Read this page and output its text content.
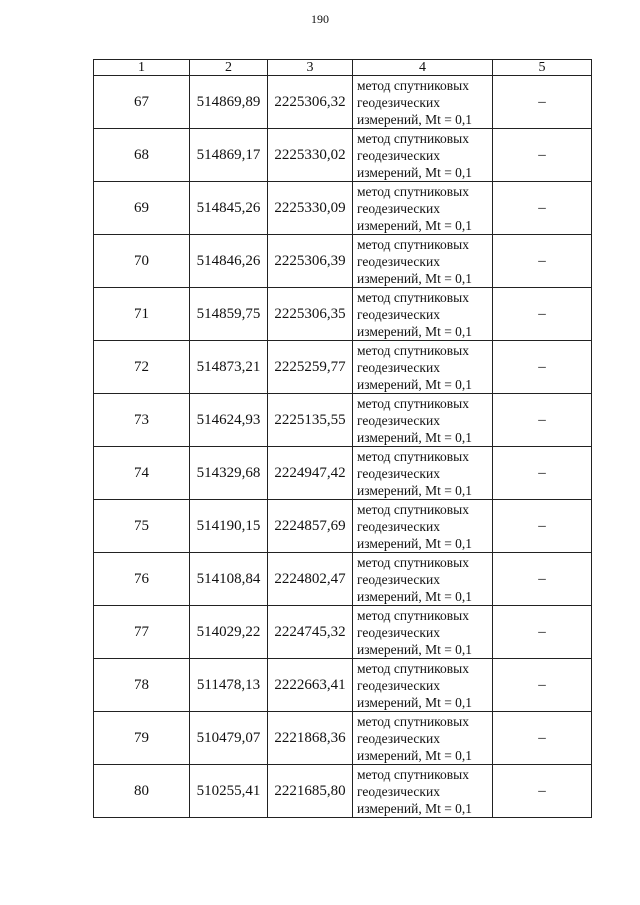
190
1	2	3	4	5
67	514869,89	2225306,32	метод спутниковых
геодезических
измерений, Mt = 0,1	–
68	514869,17	2225330,02	метод спутниковых
геодезических
измерений, Mt = 0,1	–
69	514845,26	2225330,09	метод спутниковых
геодезических
измерений, Mt = 0,1	–
70	514846,26	2225306,39	метод спутниковых
геодезических
измерений, Mt = 0,1	–
71	514859,75	2225306,35	метод спутниковых
геодезических
измерений, Mt = 0,1	–
72	514873,21	2225259,77	метод спутниковых
геодезических
измерений, Mt = 0,1	–
73	514624,93	2225135,55	метод спутниковых
геодезических
измерений, Mt = 0,1	–
74	514329,68	2224947,42	метод спутниковых
геодезических
измерений, Mt = 0,1	–
75	514190,15	2224857,69	метод спутниковых
геодезических
измерений, Mt = 0,1	–
76	514108,84	2224802,47	метод спутниковых
геодезических
измерений, Mt = 0,1	–
77	514029,22	2224745,32	метод спутниковых
геодезических
измерений, Mt = 0,1	–
78	511478,13	2222663,41	метод спутниковых
геодезических
измерений, Mt = 0,1	–
79	510479,07	2221868,36	метод спутниковых
геодезических
измерений, Mt = 0,1	–
80	510255,41	2221685,80	метод спутниковых
геодезических
измерений, Mt = 0,1	–
